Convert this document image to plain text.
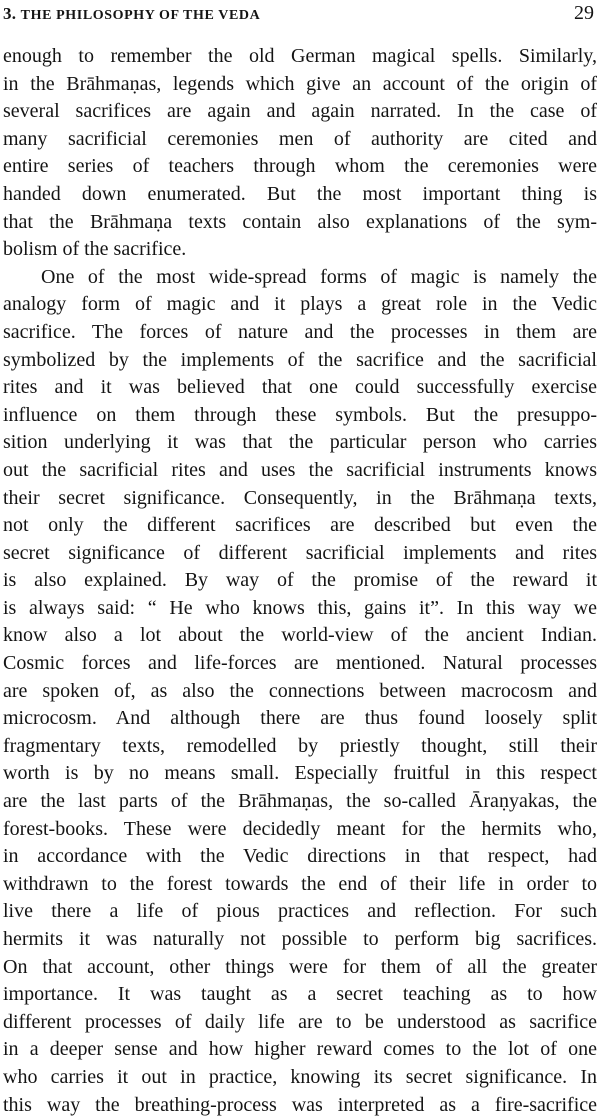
3. THE PHILOSOPHY OF THE VEDA	29
enough to remember the old German magical spells. Similarly,
in the Brāhmaṇas, legends which give an account of the origin of
several sacrifices are again and again narrated. In the case of
many sacrificial ceremonies men of authority are cited and
entire series of teachers through whom the ceremonies were
handed down enumerated. But the most important thing is
that the Brāhmaṇa texts contain also explanations of the sym-
bolism of the sacrifice.
One of the most wide-spread forms of magic is namely the
analogy form of magic and it plays a great role in the Vedic
sacrifice. The forces of nature and the processes in them are
symbolized by the implements of the sacrifice and the sacrificial
rites and it was believed that one could successfully exercise
influence on them through these symbols. But the presuppo-
sition underlying it was that the particular person who carries
out the sacrificial rites and uses the sacrificial instruments knows
their secret significance. Consequently, in the Brāhmaṇa texts,
not only the different sacrifices are described but even the
secret significance of different sacrificial implements and rites
is also explained. By way of the promise of the reward it
is always said: “ He who knows this, gains it”. In this way we
know also a lot about the world-view of the ancient Indian.
Cosmic forces and life-forces are mentioned. Natural processes
are spoken of, as also the connections between macrocosm and
microcosm. And although there are thus found loosely split
fragmentary texts, remodelled by priestly thought, still their
worth is by no means small. Especially fruitful in this respect
are the last parts of the Brāhmaṇas, the so-called Āraṇyakas, the
forest-books. These were decidedly meant for the hermits who,
in accordance with the Vedic directions in that respect, had
withdrawn to the forest towards the end of their life in order to
live there a life of pious practices and reflection. For such
hermits it was naturally not possible to perform big sacrifices.
On that account, other things were for them of all the greater
importance. It was taught as a secret teaching as to how
different processes of daily life are to be understood as sacrifice
in a deeper sense and how higher reward comes to the lot of one
who carries it out in practice, knowing its secret significance. In
this way the breathing-process was interpreted as a fire-sacrifice
